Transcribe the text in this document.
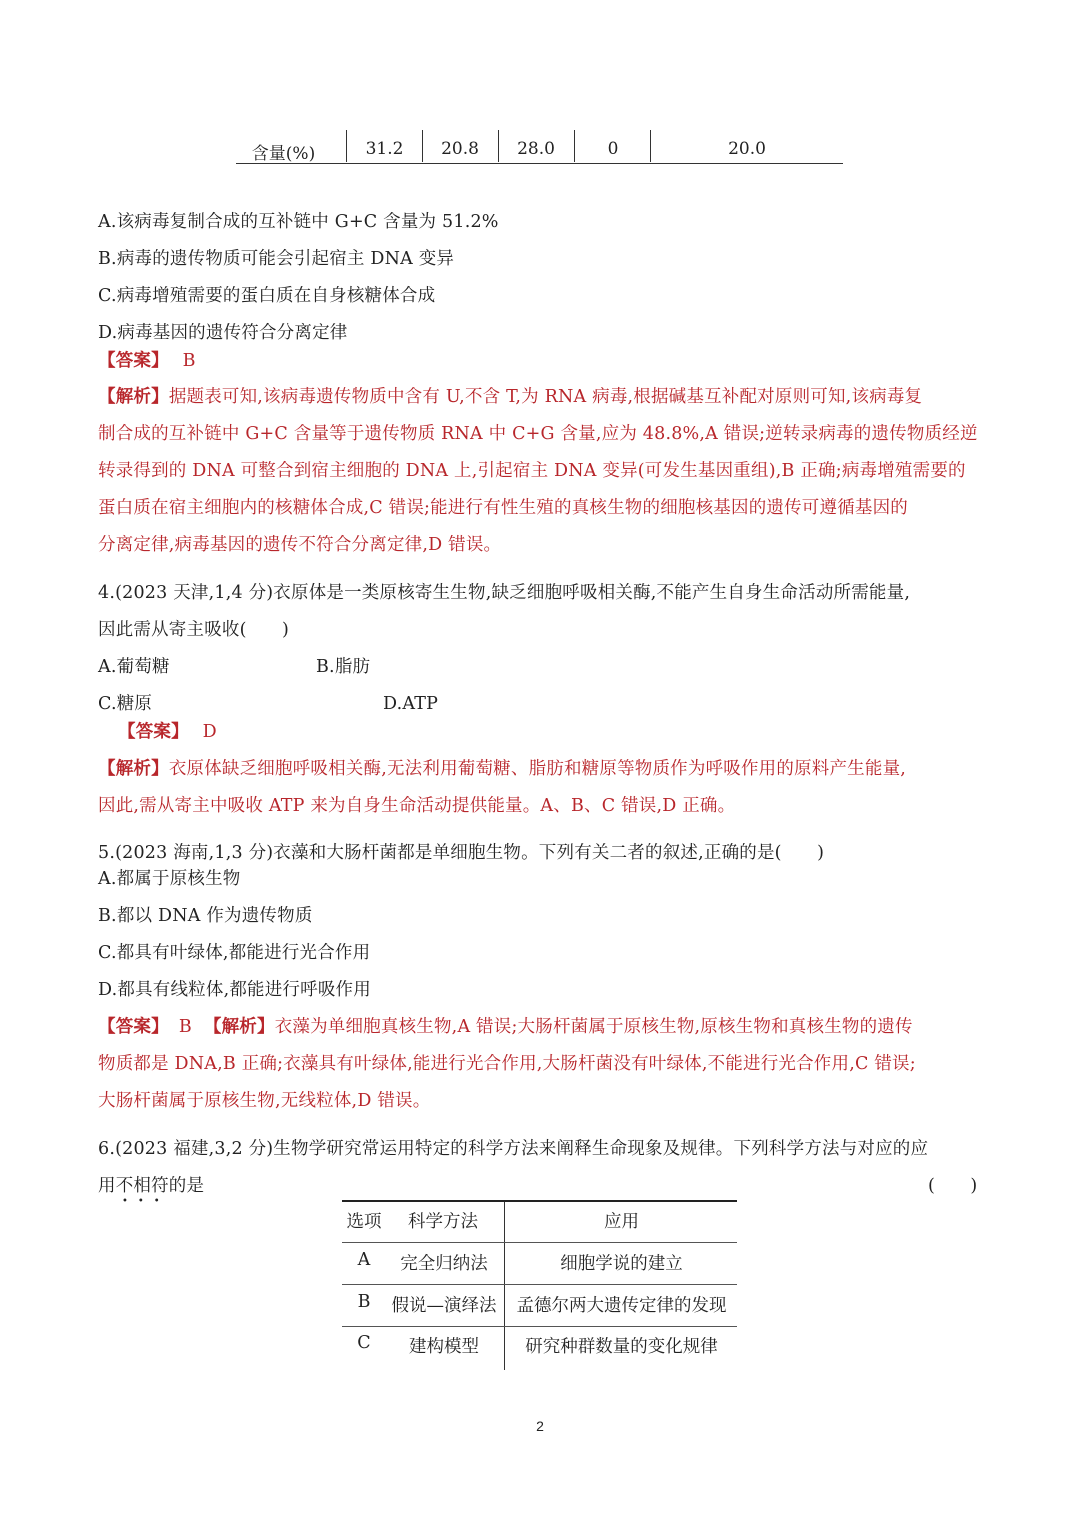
含量(%)	31.2	20.8	28.0	0	20.0
A.该病毒复制合成的互补链中 G+C 含量为 51.2%
B.病毒的遗传物质可能会引起宿主 DNA 变异
C.病毒增殖需要的蛋白质在自身核糖体合成
D.病毒基因的遗传符合分离定律
【答案】 B
【解析】据题表可知,该病毒遗传物质中含有 U,不含 T,为 RNA 病毒,根据碱基互补配对原则可知,该病毒复
制合成的互补链中 G+C 含量等于遗传物质 RNA 中 C+G 含量,应为 48.8%,A 错误;逆转录病毒的遗传物质经逆
转录得到的 DNA 可整合到宿主细胞的 DNA 上,引起宿主 DNA 变异(可发生基因重组),B 正确;病毒增殖需要的
蛋白质在宿主细胞内的核糖体合成,C 错误;能进行有性生殖的真核生物的细胞核基因的遗传可遵循基因的
分离定律,病毒基因的遗传不符合分离定律,D 错误。
4.(2023 天津,1,4 分)衣原体是一类原核寄生生物,缺乏细胞呼吸相关酶,不能产生自身生命活动所需能量,
因此需从寄主吸收(　　)
A.葡萄糖	B.脂肪
C.糖原	D.ATP
【答案】 D
【解析】衣原体缺乏细胞呼吸相关酶,无法利用葡萄糖、脂肪和糖原等物质作为呼吸作用的原料产生能量,
因此,需从寄主中吸收 ATP 来为自身生命活动提供能量。A、B、C 错误,D 正确。
5.(2023 海南,1,3 分)衣藻和大肠杆菌都是单细胞生物。下列有关二者的叙述,正确的是(　　)
A.都属于原核生物
B.都以 DNA 作为遗传物质
C.都具有叶绿体,都能进行光合作用
D.都具有线粒体,都能进行呼吸作用
【答案】 B 【解析】衣藻为单细胞真核生物,A 错误;大肠杆菌属于原核生物,原核生物和真核生物的遗传
物质都是 DNA,B 正确;衣藻具有叶绿体,能进行光合作用,大肠杆菌没有叶绿体,不能进行光合作用,C 错误;
大肠杆菌属于原核生物,无线粒体,D 错误。
6.(2023 福建,3,2 分)生物学研究常运用特定的科学方法来阐释生命现象及规律。下列科学方法与对应的应
用不相符的是
•••
(　　)
选项	科学方法	应用
A	完全归纳法	细胞学说的建立
B	假说—演绎法	孟德尔两大遗传定律的发现
C	建构模型	研究种群数量的变化规律
2
